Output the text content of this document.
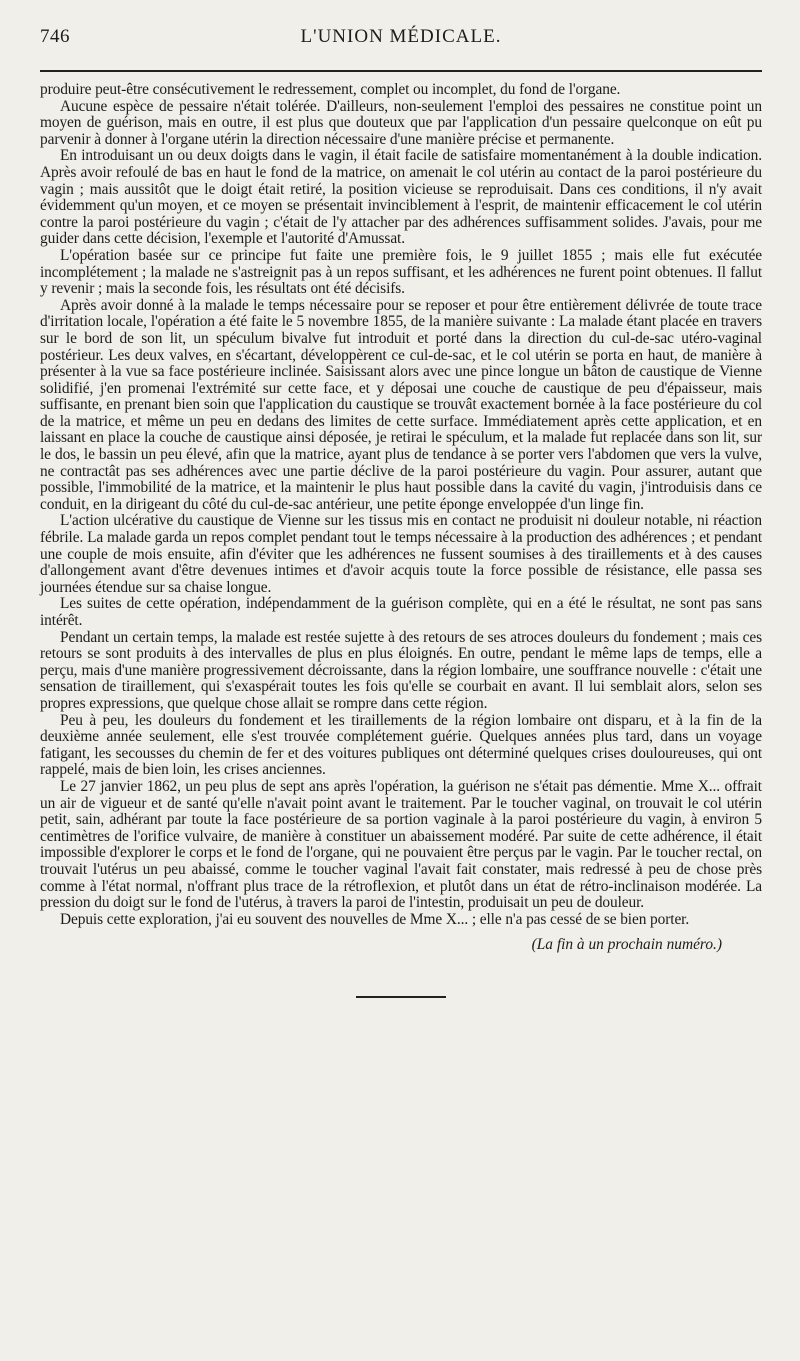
746	L'UNION MÉDICALE.

produire peut-être consécutivement le redressement, complet ou incomplet, du fond de l'organe.

Aucune espèce de pessaire n'était tolérée. D'ailleurs, non-seulement l'emploi des pessaires ne constitue point un moyen de guérison, mais en outre, il est plus que douteux que par l'application d'un pessaire quelconque on eût pu parvenir à donner à l'organe utérin la direction nécessaire d'une manière précise et permanente.

En introduisant un ou deux doigts dans le vagin, il était facile de satisfaire momentanément à la double indication. Après avoir refoulé de bas en haut le fond de la matrice, on amenait le col utérin au contact de la paroi postérieure du vagin ; mais aussitôt que le doigt était retiré, la position vicieuse se reproduisait. Dans ces conditions, il n'y avait évidemment qu'un moyen, et ce moyen se présentait invinciblement à l'esprit, de maintenir efficacement le col utérin contre la paroi postérieure du vagin ; c'était de l'y attacher par des adhérences suffisamment solides. J'avais, pour me guider dans cette décision, l'exemple et l'autorité d'Amussat.

L'opération basée sur ce principe fut faite une première fois, le 9 juillet 1855 ; mais elle fut exécutée incomplétement ; la malade ne s'astreignit pas à un repos suffisant, et les adhérences ne furent point obtenues. Il fallut y revenir ; mais la seconde fois, les résultats ont été décisifs.

Après avoir donné à la malade le temps nécessaire pour se reposer et pour être entièrement délivrée de toute trace d'irritation locale, l'opération a été faite le 5 novembre 1855, de la manière suivante : La malade étant placée en travers sur le bord de son lit, un spéculum bivalve fut introduit et porté dans la direction du cul-de-sac utéro-vaginal postérieur. Les deux valves, en s'écartant, développèrent ce cul-de-sac, et le col utérin se porta en haut, de manière à présenter à la vue sa face postérieure inclinée. Saisissant alors avec une pince longue un bâton de caustique de Vienne solidifié, j'en promenai l'extrémité sur cette face, et y déposai une couche de caustique de peu d'épaisseur, mais suffisante, en prenant bien soin que l'application du caustique se trouvât exactement bornée à la face postérieure du col de la matrice, et même un peu en dedans des limites de cette surface. Immédiatement après cette application, et en laissant en place la couche de caustique ainsi déposée, je retirai le spéculum, et la malade fut replacée dans son lit, sur le dos, le bassin un peu élevé, afin que la matrice, ayant plus de tendance à se porter vers l'abdomen que vers la vulve, ne contractât pas ses adhérences avec une partie déclive de la paroi postérieure du vagin. Pour assurer, autant que possible, l'immobilité de la matrice, et la maintenir le plus haut possible dans la cavité du vagin, j'introduisis dans ce conduit, en la dirigeant du côté du cul-de-sac antérieur, une petite éponge enveloppée d'un linge fin.

L'action ulcérative du caustique de Vienne sur les tissus mis en contact ne produisit ni douleur notable, ni réaction fébrile. La malade garda un repos complet pendant tout le temps nécessaire à la production des adhérences ; et pendant une couple de mois ensuite, afin d'éviter que les adhérences ne fussent soumises à des tiraillements et à des causes d'allongement avant d'être devenues intimes et d'avoir acquis toute la force possible de résistance, elle passa ses journées étendue sur sa chaise longue.

Les suites de cette opération, indépendamment de la guérison complète, qui en a été le résultat, ne sont pas sans intérêt.

Pendant un certain temps, la malade est restée sujette à des retours de ses atroces douleurs du fondement ; mais ces retours se sont produits à des intervalles de plus en plus éloignés. En outre, pendant le même laps de temps, elle a perçu, mais d'une manière progressivement décroissante, dans la région lombaire, une souffrance nouvelle : c'était une sensation de tiraillement, qui s'exaspérait toutes les fois qu'elle se courbait en avant. Il lui semblait alors, selon ses propres expressions, que quelque chose allait se rompre dans cette région.

Peu à peu, les douleurs du fondement et les tiraillements de la région lombaire ont disparu, et à la fin de la deuxième année seulement, elle s'est trouvée complétement guérie. Quelques années plus tard, dans un voyage fatigant, les secousses du chemin de fer et des voitures publiques ont déterminé quelques crises douloureuses, qui ont rappelé, mais de bien loin, les crises anciennes.

Le 27 janvier 1862, un peu plus de sept ans après l'opération, la guérison ne s'était pas démentie. Mme X... offrait un air de vigueur et de santé qu'elle n'avait point avant le traitement. Par le toucher vaginal, on trouvait le col utérin petit, sain, adhérant par toute la face postérieure de sa portion vaginale à la paroi postérieure du vagin, à environ 5 centimètres de l'orifice vulvaire, de manière à constituer un abaissement modéré. Par suite de cette adhérence, il était impossible d'explorer le corps et le fond de l'organe, qui ne pouvaient être perçus par le vagin. Par le toucher rectal, on trouvait l'utérus un peu abaissé, comme le toucher vaginal l'avait fait constater, mais redressé à peu de chose près comme à l'état normal, n'offrant plus trace de la rétroflexion, et plutôt dans un état de rétro-inclinaison modérée. La pression du doigt sur le fond de l'utérus, à travers la paroi de l'intestin, produisait un peu de douleur.

Depuis cette exploration, j'ai eu souvent des nouvelles de Mme X... ; elle n'a pas cessé de se bien porter.

(La fin à un prochain numéro.)
